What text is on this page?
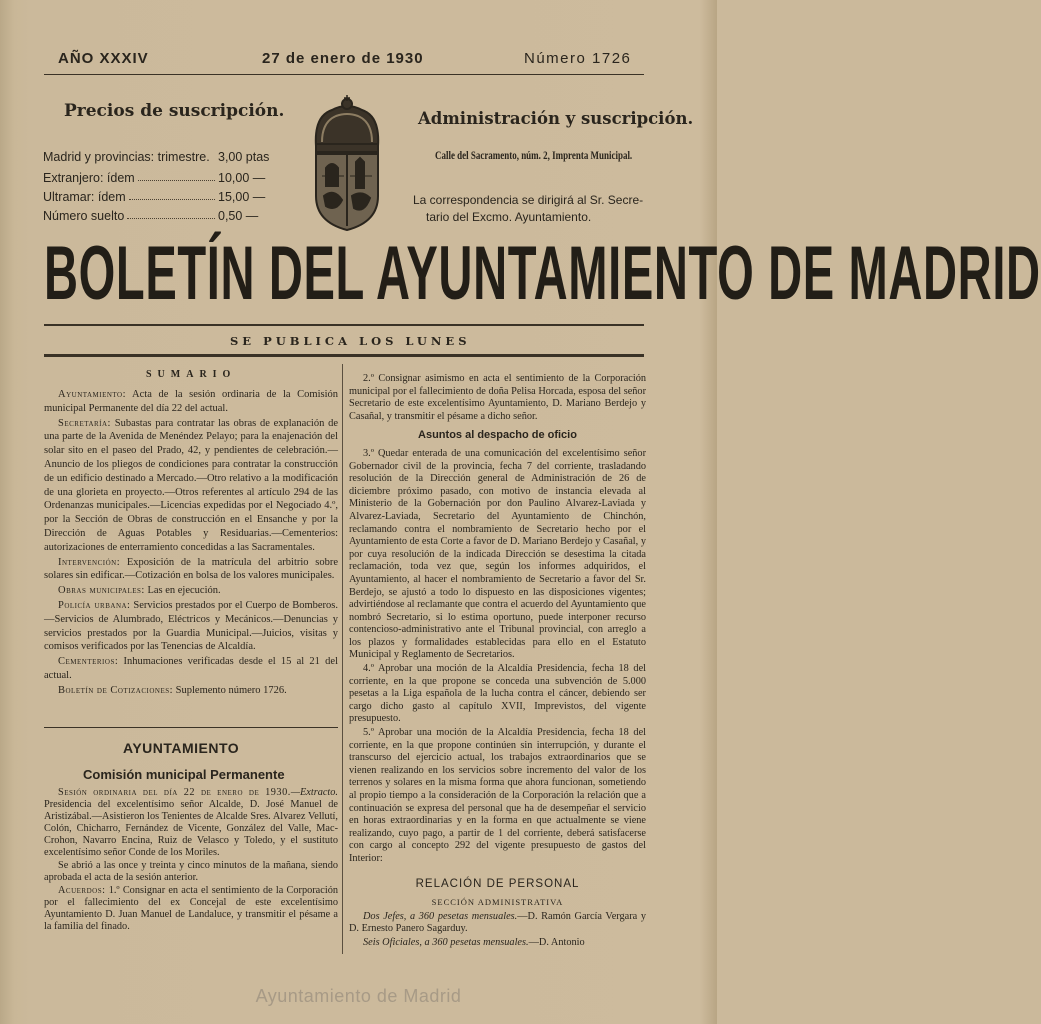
AÑO XXXIV	27 de enero de 1930	Número 1726
Precios de suscripción.
Madrid y provincias: trimestre. 3,00 ptas
Extranjero: ídem	10,00 —
Ultramar: ídem	15,00 —
Número suelto	0,50 —
Administración y suscripción.
Calle del Sacramento, núm. 2, Imprenta Municipal.
La correspondencia se dirigirá al Sr. Secre-
tario del Excmo. Ayuntamiento.
BOLETÍN DEL AYUNTAMIENTO DE MADRID
SE PUBLICA LOS LUNES
SUMARIO

Ayuntamiento: Acta de la sesión ordinaria de la Comisión municipal Permanente del día 22 del actual.

Secretaría: Subastas para contratar las obras de explanación de una parte de la Avenida de Menéndez Pelayo; para la enajenación del solar sito en el paseo del Prado, 42, y pendientes de celebración.—Anuncio de los pliegos de condiciones para contratar la construcción de un edificio destinado a Mercado.—Otro relativo a la modificación de una glorieta en proyecto.—Otros referentes al artículo 294 de las Ordenanzas municipales.—Licencias expedidas por el Negociado 4.º, por la Sección de Obras de construcción en el Ensanche y por la Dirección de Aguas Potables y Residuarias.—Cementerios: autorizaciones de enterramiento concedidas a las Sacramentales.

Intervención: Exposición de la matrícula del arbitrio sobre solares sin edificar.—Cotización en bolsa de los valores municipales.

Obras municipales: Las en ejecución.

Policía urbana: Servicios prestados por el Cuerpo de Bomberos.—Servicios de Alumbrado, Eléctricos y Mecánicos.—Denuncias y servicios prestados por la Guardia Municipal.—Juicios, visitas y comisos verificados por las Tenencias de Alcaldía.

Cementerios: Inhumaciones verificadas desde el 15 al 21 del actual.

Boletín de Cotizaciones: Suplemento número 1726.

AYUNTAMIENTO
Comisión municipal Permanente

Sesión ordinaria del día 22 de enero de 1930.—Extracto. Presidencia del excelentísimo señor Alcalde, D. José Manuel de Aristizábal.—Asistieron los Tenientes de Alcalde Sres. Alvarez Vellutí, Colón, Chicharro, Fernández de Vicente, González del Valle, Mac-Crohon, Navarro Encina, Ruiz de Velasco y Toledo, y el sustituto excelentísimo señor Conde de los Moriles.

Se abrió a las once y treinta y cinco minutos de la mañana, siendo aprobada el acta de la sesión anterior.

Acuerdos: 1.º Consignar en acta el sentimiento de la Corporación por el fallecimiento del ex Concejal de este excelentísimo Ayuntamiento D. Juan Manuel de Landaluce, y transmitir el pésame a la familia del finado.

2.º Consignar asimismo en acta el sentimiento de la Corporación municipal por el fallecimiento de doña Pelisa Horcada, esposa del señor Secretario de este excelentísimo Ayuntamiento, D. Mariano Berdejo y Casañal, y transmitir el pésame a dicho señor.

Asuntos al despacho de oficio

3.º Quedar enterada de una comunicación del excelentísimo señor Gobernador civil de la provincia, fecha 7 del corriente, trasladando resolución de la Dirección general de Administración de 26 de diciembre próximo pasado, con motivo de instancia elevada al Ministerio de la Gobernación por don Paulino Alvarez-Laviada y Alvarez-Laviada, Secretario del Ayuntamiento de Chinchón, reclamando contra el nombramiento de Secretario hecho por el Ayuntamiento de esta Corte a favor de D. Mariano Berdejo y Casañal, y por cuya resolución de la indicada Dirección se desestima la citada reclamación, toda vez que, según los informes adquiridos, el Ayuntamiento, al hacer el nombramiento de Secretario a favor del Sr. Berdejo, se ajustó a todo lo dispuesto en las disposiciones vigentes; advirtiéndose al reclamante que contra el acuerdo del Ayuntamiento que nombró Secretario, si lo estima oportuno, puede interponer recurso contencioso-administrativo ante el Tribunal provincial, con arreglo a los plazos y formalidades establecidas para ello en el Estatuto Municipal y Reglamento de Secretarios.

4.º Aprobar una moción de la Alcaldía Presidencia, fecha 18 del corriente, en la que propone se conceda una subvención de 5.000 pesetas a la Liga española de la lucha contra el cáncer, debiendo ser cargo dicho gasto al capítulo XVII, Imprevistos, del vigente presupuesto.

5.º Aprobar una moción de la Alcaldía Presidencia, fecha 18 del corriente, en la que propone continúen sin interrupción, y durante el transcurso del ejercicio actual, los trabajos extraordinarios que se vienen realizando en los servicios sobre incremento del valor de los terrenos y solares en la misma forma que ahora funcionan, sometiendo al propio tiempo a la consideración de la Corporación la relación que a continuación se expresa del personal que ha de desempeñar el servicio en horas extraordinarias y en la forma en que actualmente se viene realizando, cuyo pago, a partir de 1 del corriente, deberá satisfacerse con cargo al concepto 292 del vigente presupuesto de gastos del Interior:

RELACIÓN DE PERSONAL
SECCIÓN ADMINISTRATIVA

Dos Jefes, a 360 pesetas mensuales.—D. Ramón García Vergara y D. Ernesto Panero Sagarduy.

Seis Oficiales, a 360 pesetas mensuales.—D. Antonio

Ayuntamiento de Madrid
